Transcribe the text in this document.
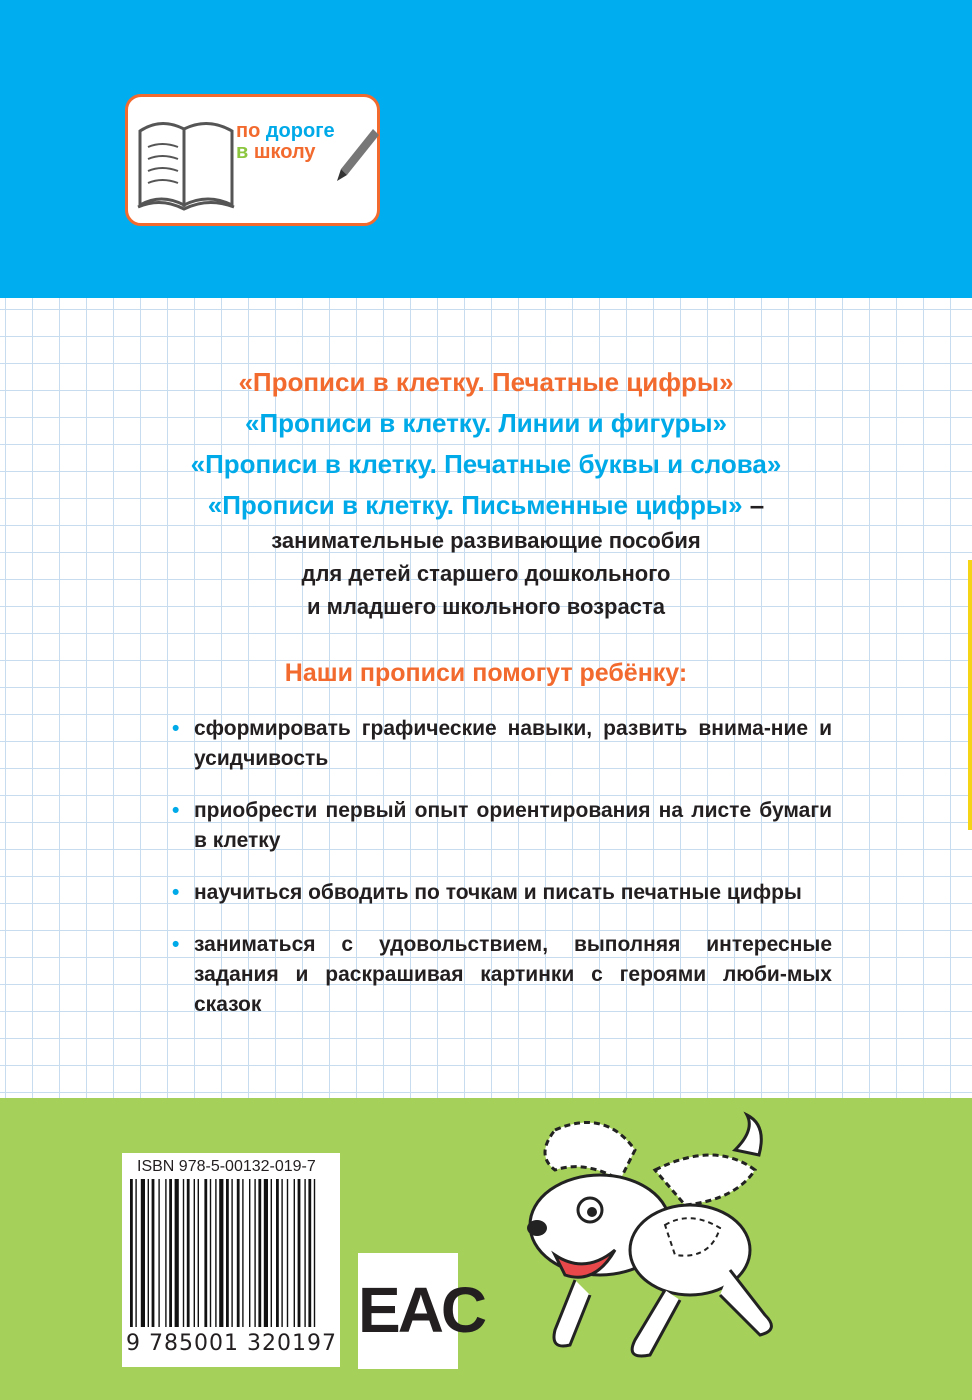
по дороге
в школу
«Прописи в клетку. Печатные цифры»
«Прописи в клетку. Линии и фигуры»
«Прописи в клетку. Печатные буквы и слова»
«Прописи в клетку. Письменные цифры» –
занимательные развивающие пособия
для детей старшего дошкольного
и младшего школьного возраста
Наши прописи помогут ребёнку:
• сформировать графические навыки, развить внима-ние и усидчивость
• приобрести первый опыт ориентирования на листе бумаги в клетку
• научиться обводить по точкам и писать печатные цифры
• заниматься с удовольствием, выполняя интересные задания и раскрашивая картинки с героями люби-мых сказок
ISBN 978-5-00132-019-7
9 785001 320197 EAC
